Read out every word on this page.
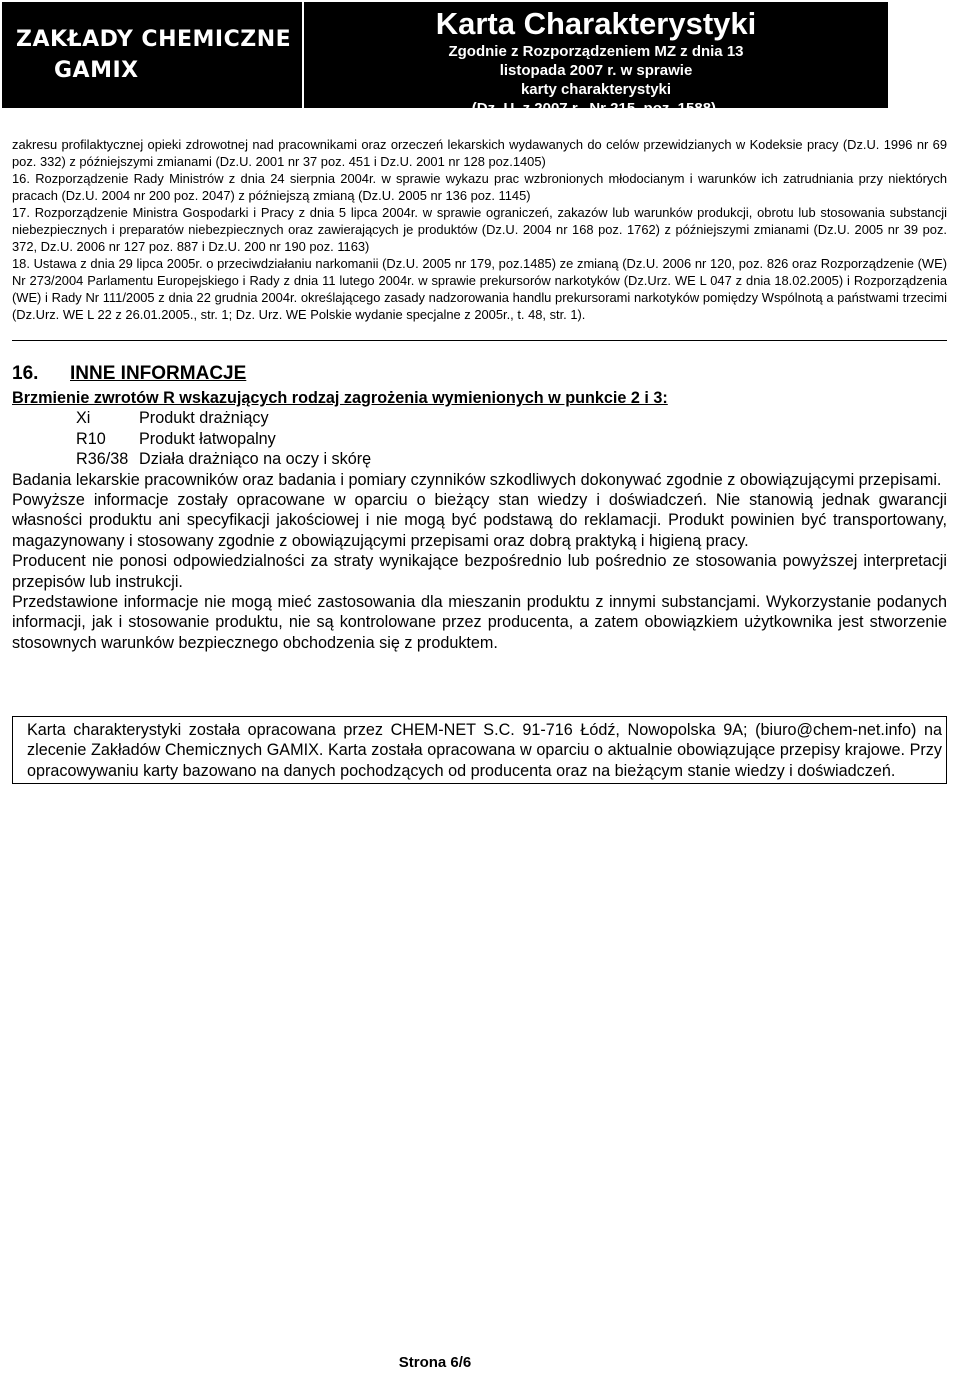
ZAKŁADY CHEMICZNE
GAMIX
Karta Charakterystyki
Zgodnie z Rozporządzeniem MZ z dnia 13
listopada 2007 r. w sprawie
karty charakterystyki
(Dz. U. z 2007 r., Nr 215, poz. 1588).

zakresu profilaktycznej opieki zdrowotnej nad pracownikami oraz orzeczeń lekarskich wydawanych do celów przewidzianych w Kodeksie pracy (Dz.U. 1996 nr 69 poz. 332) z późniejszymi zmianami (Dz.U. 2001 nr 37 poz. 451 i Dz.U. 2001 nr 128 poz.1405)

16. Rozporządzenie Rady Ministrów z dnia 24 sierpnia 2004r. w sprawie wykazu prac wzbronionych młodocianym i warunków ich zatrudniania przy niektórych pracach (Dz.U. 2004 nr 200 poz. 2047) z późniejszą zmianą (Dz.U. 2005 nr 136 poz. 1145)

17. Rozporządzenie Ministra Gospodarki i Pracy z dnia 5 lipca 2004r. w sprawie ograniczeń, zakazów lub warunków produkcji, obrotu lub stosowania substancji niebezpiecznych i preparatów niebezpiecznych oraz zawierających je produktów (Dz.U. 2004 nr 168 poz. 1762) z późniejszymi zmianami (Dz.U. 2005 nr 39 poz. 372, Dz.U. 2006 nr 127 poz. 887 i Dz.U. 200 nr 190 poz. 1163)

18. Ustawa z dnia 29 lipca 2005r. o przeciwdziałaniu narkomanii (Dz.U. 2005 nr 179, poz.1485) ze zmianą (Dz.U. 2006 nr 120, poz. 826 oraz Rozporządzenie (WE) Nr 273/2004 Parlamentu Europejskiego i Rady z dnia 11 lutego 2004r. w sprawie prekursorów narkotyków (Dz.Urz. WE L 047 z dnia 18.02.2005) i Rozporządzenia (WE) i Rady Nr 111/2005 z dnia 22 grudnia 2004r. określającego zasady nadzorowania handlu prekursorami narkotyków pomiędzy Wspólnotą a państwami trzecimi (Dz.Urz. WE L 22 z 26.01.2005., str. 1; Dz. Urz. WE Polskie wydanie specjalne z 2005r., t. 48, str. 1).

16. INNE INFORMACJE

Brzmienie zwrotów R wskazujących rodzaj zagrożenia wymienionych w punkcie 2 i 3:

Xi	Produkt drażniący
R10	Produkt łatwopalny
R36/38 Działa drażniąco na oczy i skórę

Badania lekarskie pracowników oraz badania i pomiary czynników szkodliwych dokonywać zgodnie z obowiązującymi przepisami.

Powyższe informacje zostały opracowane w oparciu o bieżący stan wiedzy i doświadczeń. Nie stanowią jednak gwarancji własności produktu ani specyfikacji jakościowej i nie mogą być podstawą do reklamacji. Produkt powinien być transportowany, magazynowany i stosowany zgodnie z obowiązującymi przepisami oraz dobrą praktyką i higieną pracy.

Producent nie ponosi odpowiedzialności za straty wynikające bezpośrednio lub pośrednio ze stosowania powyższej interpretacji przepisów lub instrukcji.

Przedstawione informacje nie mogą mieć zastosowania dla mieszanin produktu z innymi substancjami. Wykorzystanie podanych informacji, jak i stosowanie produktu, nie są kontrolowane przez producenta, a zatem obowiązkiem użytkownika jest stworzenie stosownych warunków bezpiecznego obchodzenia się z produktem.

Karta charakterystyki została opracowana przez CHEM-NET S.C. 91-716 Łódź, Nowopolska 9A; (biuro@chem-net.info) na zlecenie Zakładów Chemicznych GAMIX. Karta została opracowana w oparciu o aktualnie obowiązujące przepisy krajowe. Przy opracowywaniu karty bazowano na danych pochodzących od producenta oraz na bieżącym stanie wiedzy i doświadczeń.
Strona 6/6
